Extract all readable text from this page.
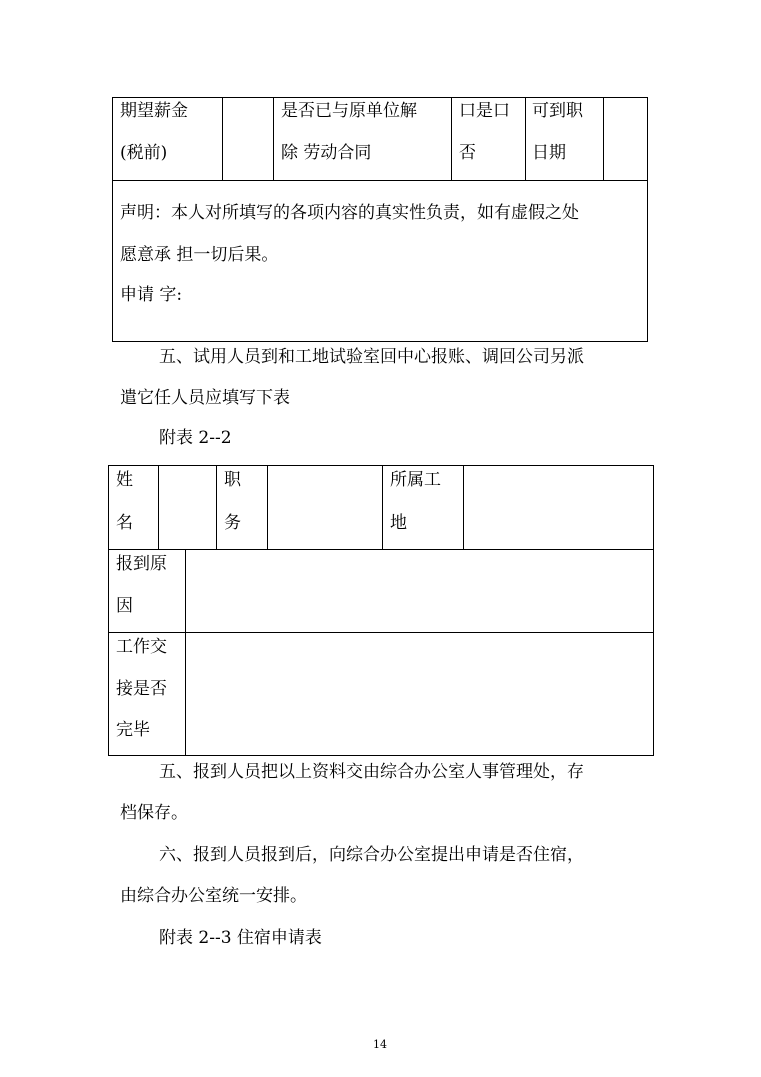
期望薪金
(税前)
是否已与原单位解
除 劳动合同
口是口
否
可到职
日期
声明：本人对所填写的各项内容的真实性负责，如有虚假之处
愿意承 担一切后果。
申请 字:
五、试用人员到和工地试验室回中心报账、调回公司另派
遣它任人员应填写下表
附表 2--2
姓
名
职
务
所属工
地
报到原
因
工作交
接是否
完毕
五、报到人员把以上资料交由综合办公室人事管理处，存
档保存。
六、报到人员报到后，向综合办公室提出申请是否住宿，
由综合办公室统一安排。
附表 2--3 住宿申请表
14
